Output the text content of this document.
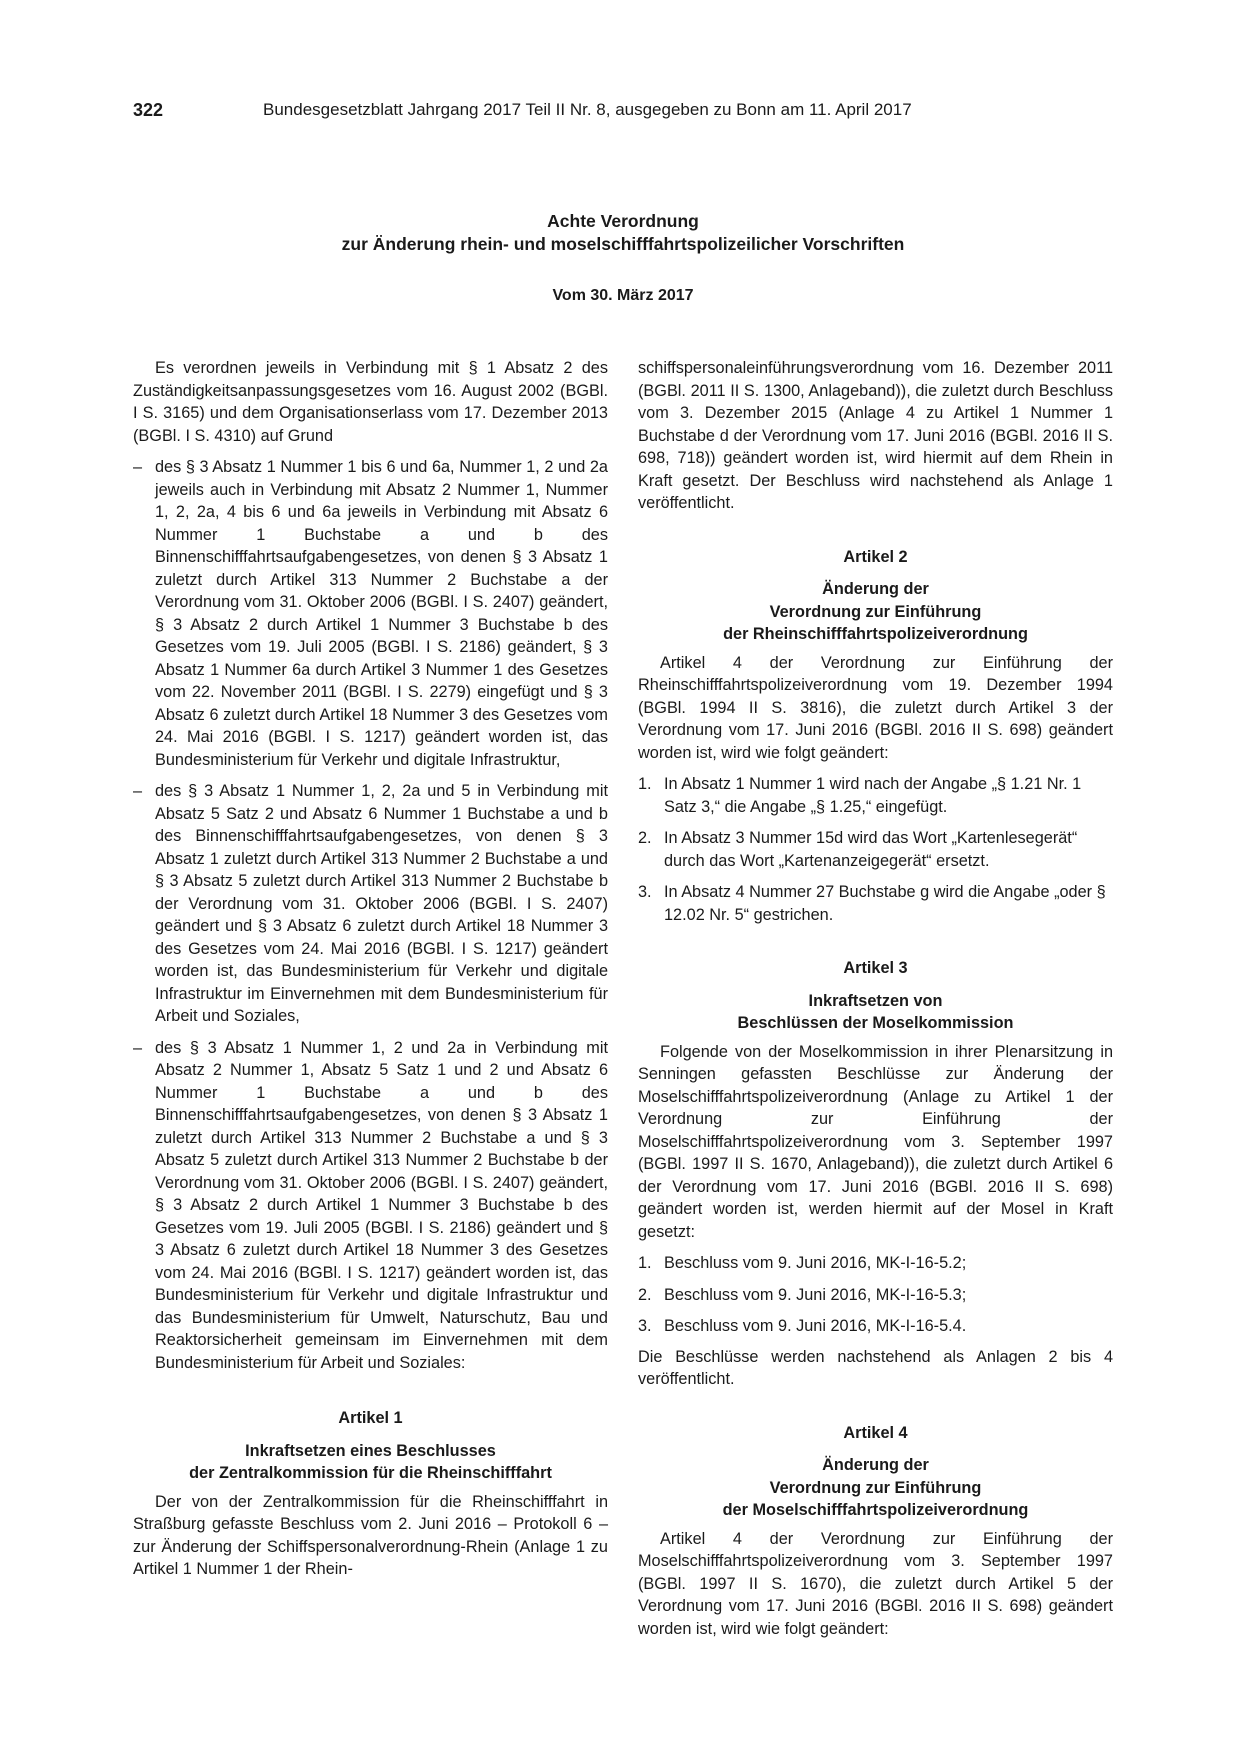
322	Bundesgesetzblatt Jahrgang 2017 Teil II Nr. 8, ausgegeben zu Bonn am 11. April 2017
Achte Verordnung
zur Änderung rhein- und moselschifffahrtspolizeilicher Vorschriften
Vom 30. März 2017

Es verordnen jeweils in Verbindung mit § 1 Absatz 2 des Zuständigkeitsanpassungsgesetzes vom 16. August 2002 (BGBl. I S. 3165) und dem Organisationserlass vom 17. Dezember 2013 (BGBl. I S. 4310) auf Grund

– des § 3 Absatz 1 Nummer 1 bis 6 und 6a, Nummer 1, 2 und 2a jeweils auch in Verbindung mit Absatz 2 Nummer 1, Nummer 1, 2, 2a, 4 bis 6 und 6a jeweils in Verbindung mit Absatz 6 Nummer 1 Buchstabe a und b des Binnenschifffahrtsaufgabengesetzes, von denen § 3 Absatz 1 zuletzt durch Artikel 313 Nummer 2 Buchstabe a der Verordnung vom 31. Oktober 2006 (BGBl. I S. 2407) geändert, § 3 Absatz 2 durch Artikel 1 Nummer 3 Buchstabe b des Gesetzes vom 19. Juli 2005 (BGBl. I S. 2186) geändert, § 3 Absatz 1 Nummer 6a durch Artikel 3 Nummer 1 des Gesetzes vom 22. November 2011 (BGBl. I S. 2279) eingefügt und § 3 Absatz 6 zuletzt durch Artikel 18 Nummer 3 des Gesetzes vom 24. Mai 2016 (BGBl. I S. 1217) geändert worden ist, das Bundesministerium für Verkehr und digitale Infrastruktur,

– des § 3 Absatz 1 Nummer 1, 2, 2a und 5 in Verbindung mit Absatz 5 Satz 2 und Absatz 6 Nummer 1 Buchstabe a und b des Binnenschifffahrtsaufgabengesetzes, von denen § 3 Absatz 1 zuletzt durch Artikel 313 Nummer 2 Buchstabe a und § 3 Absatz 5 zuletzt durch Artikel 313 Nummer 2 Buchstabe b der Verordnung vom 31. Oktober 2006 (BGBl. I S. 2407) geändert und § 3 Absatz 6 zuletzt durch Artikel 18 Nummer 3 des Gesetzes vom 24. Mai 2016 (BGBl. I S. 1217) geändert worden ist, das Bundesministerium für Verkehr und digitale Infrastruktur im Einvernehmen mit dem Bundesministerium für Arbeit und Soziales,

– des § 3 Absatz 1 Nummer 1, 2 und 2a in Verbindung mit Absatz 2 Nummer 1, Absatz 5 Satz 1 und 2 und Absatz 6 Nummer 1 Buchstabe a und b des Binnenschifffahrtsaufgabengesetzes, von denen § 3 Absatz 1 zuletzt durch Artikel 313 Nummer 2 Buchstabe a und § 3 Absatz 5 zuletzt durch Artikel 313 Nummer 2 Buchstabe b der Verordnung vom 31. Oktober 2006 (BGBl. I S. 2407) geändert, § 3 Absatz 2 durch Artikel 1 Nummer 3 Buchstabe b des Gesetzes vom 19. Juli 2005 (BGBl. I S. 2186) geändert und § 3 Absatz 6 zuletzt durch Artikel 18 Nummer 3 des Gesetzes vom 24. Mai 2016 (BGBl. I S. 1217) geändert worden ist, das Bundesministerium für Verkehr und digitale Infrastruktur und das Bundesministerium für Umwelt, Naturschutz, Bau und Reaktorsicherheit gemeinsam im Einvernehmen mit dem Bundesministerium für Arbeit und Soziales:

Artikel 1
Inkraftsetzen eines Beschlusses
der Zentralkommission für die Rheinschifffahrt

Der von der Zentralkommission für die Rheinschifffahrt in Straßburg gefasste Beschluss vom 2. Juni 2016 – Protokoll 6 – zur Änderung der Schiffspersonalverordnung-Rhein (Anlage 1 zu Artikel 1 Nummer 1 der Rhein-

schiffspersonaleinführungsverordnung vom 16. Dezember 2011 (BGBl. 2011 II S. 1300, Anlageband)), die zuletzt durch Beschluss vom 3. Dezember 2015 (Anlage 4 zu Artikel 1 Nummer 1 Buchstabe d der Verordnung vom 17. Juni 2016 (BGBl. 2016 II S. 698, 718)) geändert worden ist, wird hiermit auf dem Rhein in Kraft gesetzt. Der Beschluss wird nachstehend als Anlage 1 veröffentlicht.

Artikel 2
Änderung der
Verordnung zur Einführung
der Rheinschifffahrtspolizeiverordnung

Artikel 4 der Verordnung zur Einführung der Rheinschifffahrtspolizeiverordnung vom 19. Dezember 1994 (BGBl. 1994 II S. 3816), die zuletzt durch Artikel 3 der Verordnung vom 17. Juni 2016 (BGBl. 2016 II S. 698) geändert worden ist, wird wie folgt geändert:

1. In Absatz 1 Nummer 1 wird nach der Angabe „§ 1.21 Nr. 1 Satz 3,“ die Angabe „§ 1.25,“ eingefügt.

2. In Absatz 3 Nummer 15d wird das Wort „Kartenlesegerät“ durch das Wort „Kartenanzeigegerät“ ersetzt.

3. In Absatz 4 Nummer 27 Buchstabe g wird die Angabe „oder § 12.02 Nr. 5“ gestrichen.

Artikel 3
Inkraftsetzen von
Beschlüssen der Moselkommission

Folgende von der Moselkommission in ihrer Plenarsitzung in Senningen gefassten Beschlüsse zur Änderung der Moselschifffahrtspolizeiverordnung (Anlage zu Artikel 1 der Verordnung zur Einführung der Moselschifffahrtspolizeiverordnung vom 3. September 1997 (BGBl. 1997 II S. 1670, Anlageband)), die zuletzt durch Artikel 6 der Verordnung vom 17. Juni 2016 (BGBl. 2016 II S. 698) geändert worden ist, werden hiermit auf der Mosel in Kraft gesetzt:

1. Beschluss vom 9. Juni 2016, MK-I-16-5.2;

2. Beschluss vom 9. Juni 2016, MK-I-16-5.3;

3. Beschluss vom 9. Juni 2016, MK-I-16-5.4.

Die Beschlüsse werden nachstehend als Anlagen 2 bis 4 veröffentlicht.

Artikel 4
Änderung der
Verordnung zur Einführung
der Moselschifffahrtspolizeiverordnung

Artikel 4 der Verordnung zur Einführung der Moselschifffahrtspolizeiverordnung vom 3. September 1997 (BGBl. 1997 II S. 1670), die zuletzt durch Artikel 5 der Verordnung vom 17. Juni 2016 (BGBl. 2016 II S. 698) geändert worden ist, wird wie folgt geändert:
